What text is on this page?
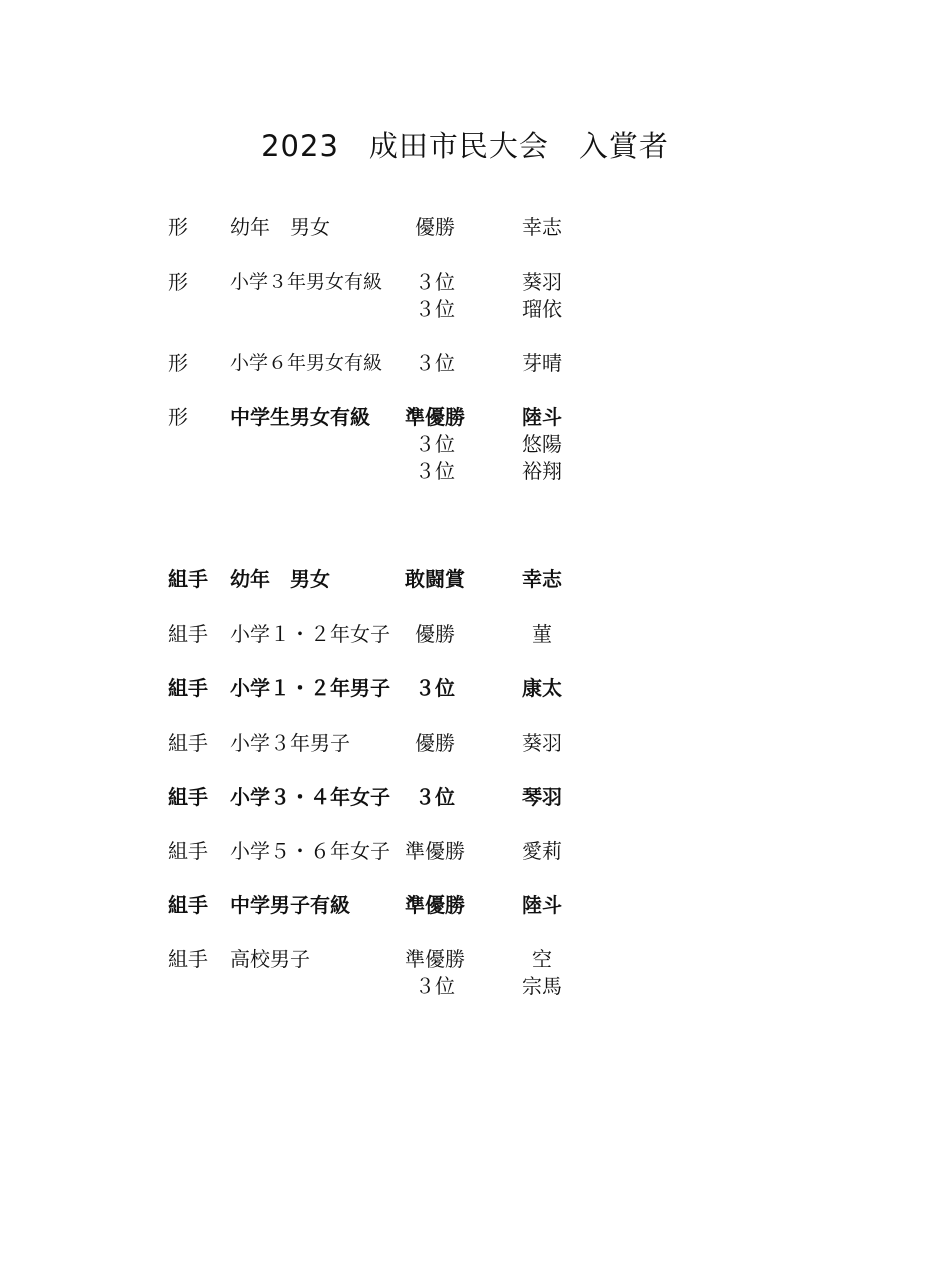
2023　成田市民大会　入賞者
形	幼年　男女	優勝	幸志
形	小学３年男女有級	３位	葵羽
３位	瑠依
形	小学６年男女有級	３位	芽晴
形	中学生男女有級	準優勝	陸斗
３位	悠陽
３位	裕翔
組手	幼年　男女	敢闘賞	幸志
組手	小学１・２年女子	優勝	菫
組手	小学１・２年男子	３位	康太
組手	小学３年男子	優勝	葵羽
組手	小学３・４年女子	３位	琴羽
組手	小学５・６年女子 準優勝	愛莉
組手	中学男子有級	準優勝	陸斗
組手	高校男子	準優勝	空
３位	宗馬
